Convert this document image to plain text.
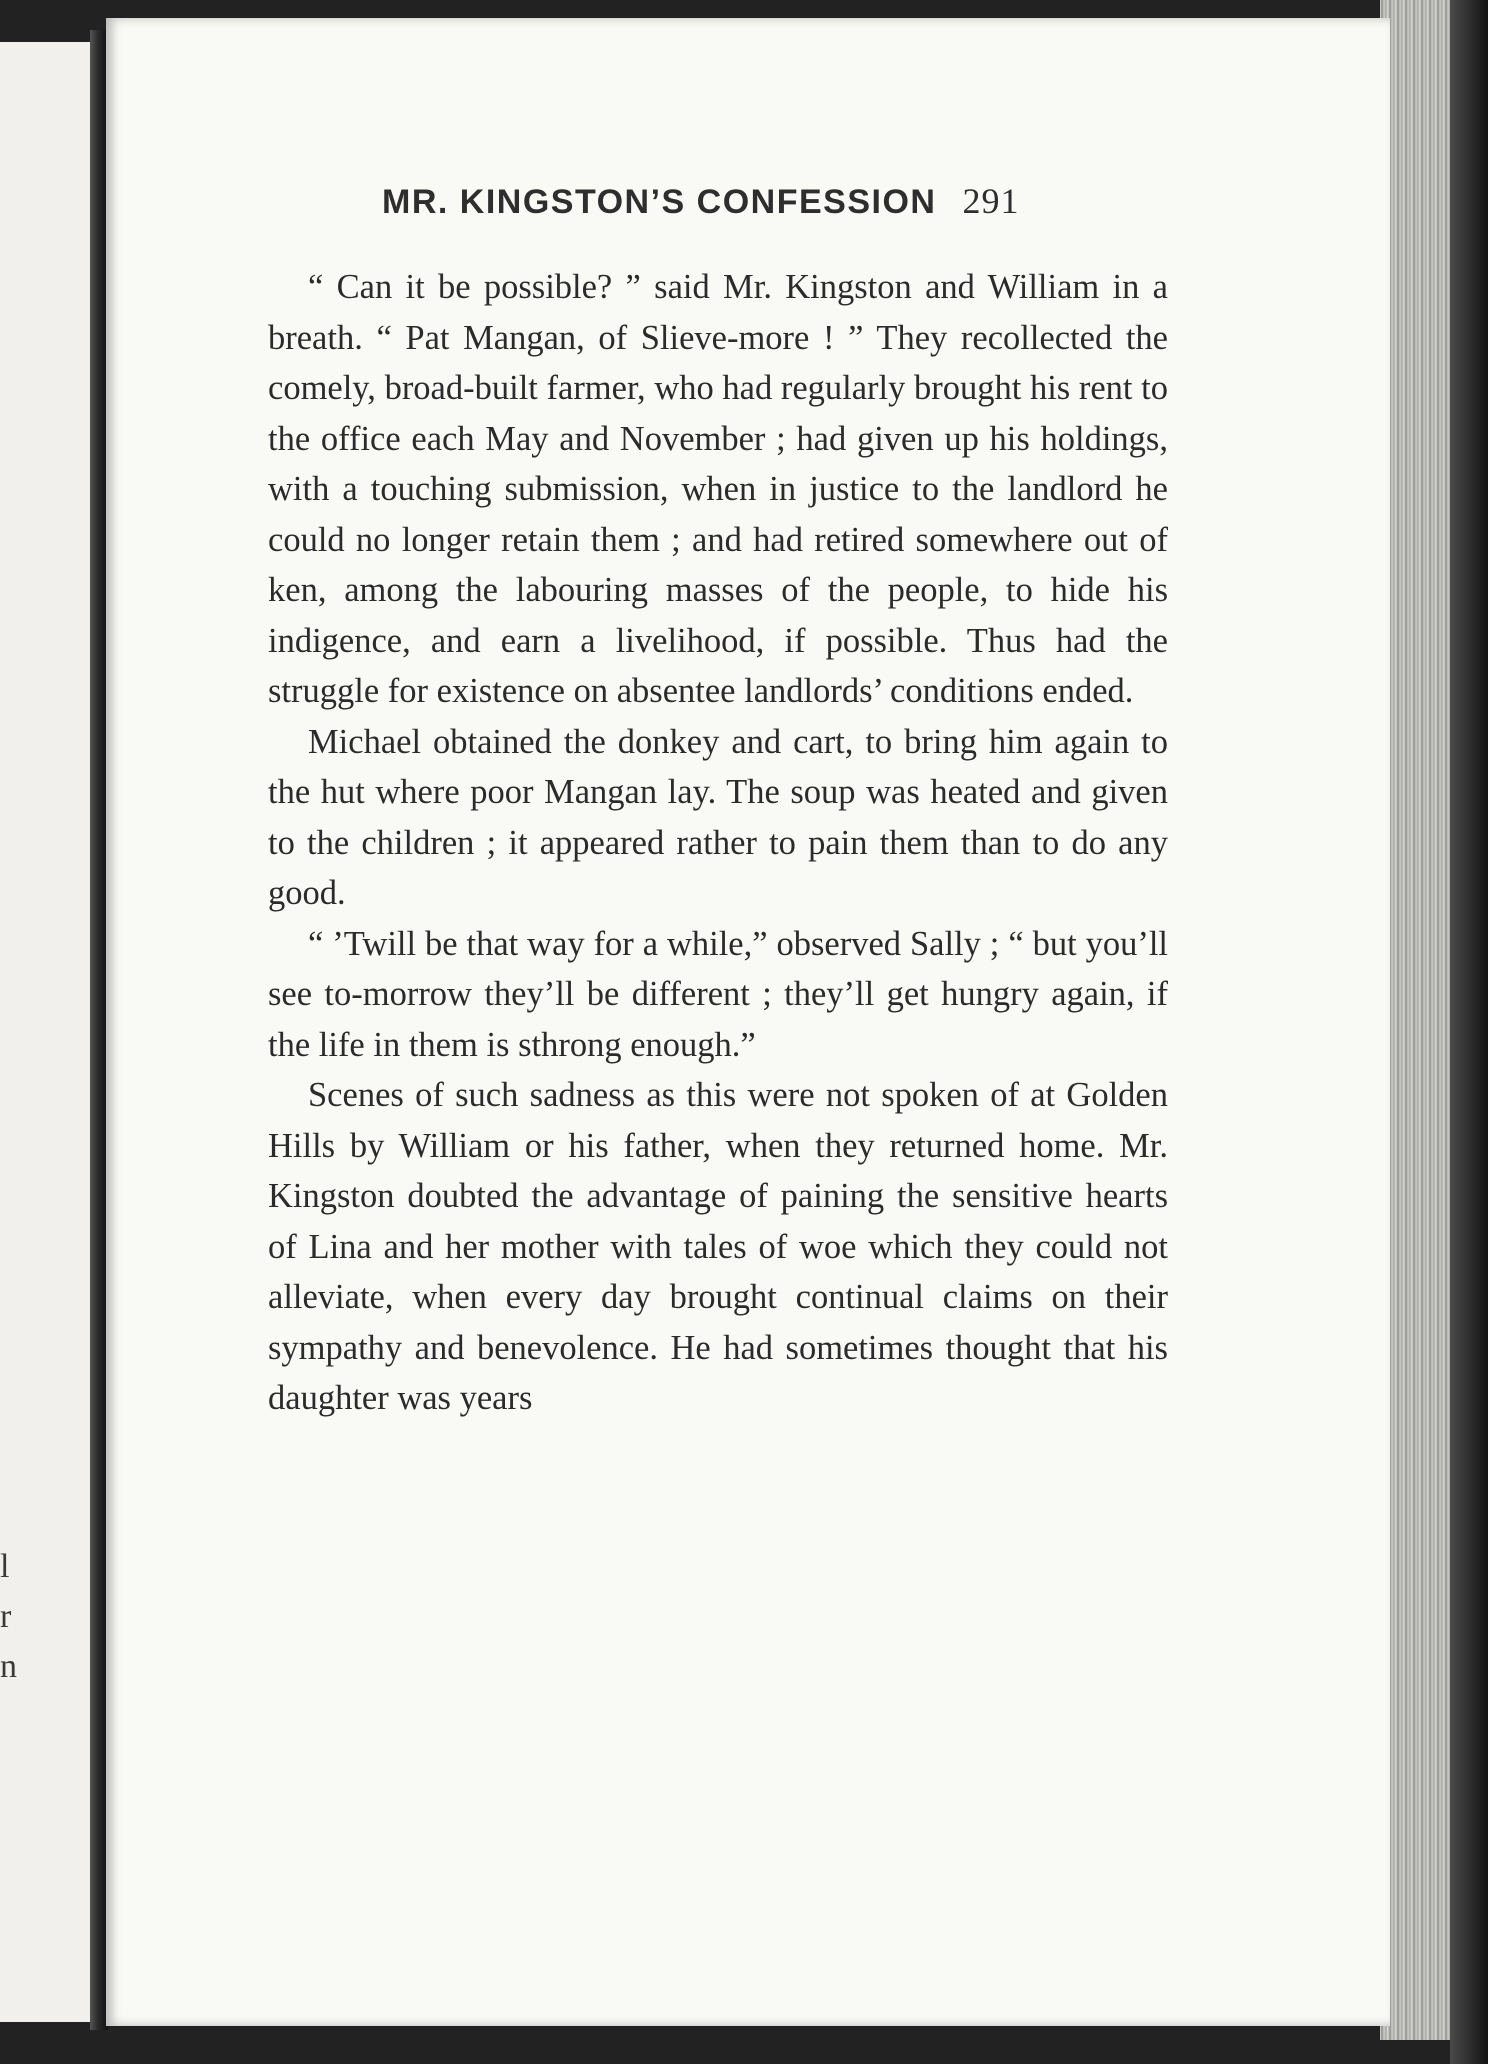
l
r
n
MR. KINGSTON’S CONFESSION 291

“ Can it be possible? ” said Mr. Kingston and William in a breath. “ Pat Mangan, of Slieve-more ! ” They recollected the comely, broad-built farmer, who had regularly brought his rent to the office each May and November ; had given up his holdings, with a touching submission, when in justice to the landlord he could no longer retain them ; and had retired somewhere out of ken, among the labouring masses of the people, to hide his indigence, and earn a livelihood, if possible. Thus had the struggle for existence on absentee landlords’ conditions ended.

Michael obtained the donkey and cart, to bring him again to the hut where poor Mangan lay. The soup was heated and given to the children ; it appeared rather to pain them than to do any good.

“ ’Twill be that way for a while,” observed Sally ; “ but you’ll see to-morrow they’ll be different ; they’ll get hungry again, if the life in them is sthrong enough.”

Scenes of such sadness as this were not spoken of at Golden Hills by William or his father, when they returned home. Mr. Kingston doubted the advantage of paining the sensitive hearts of Lina and her mother with tales of woe which they could not alleviate, when every day brought continual claims on their sympathy and benevolence. He had sometimes thought that his daughter was years
